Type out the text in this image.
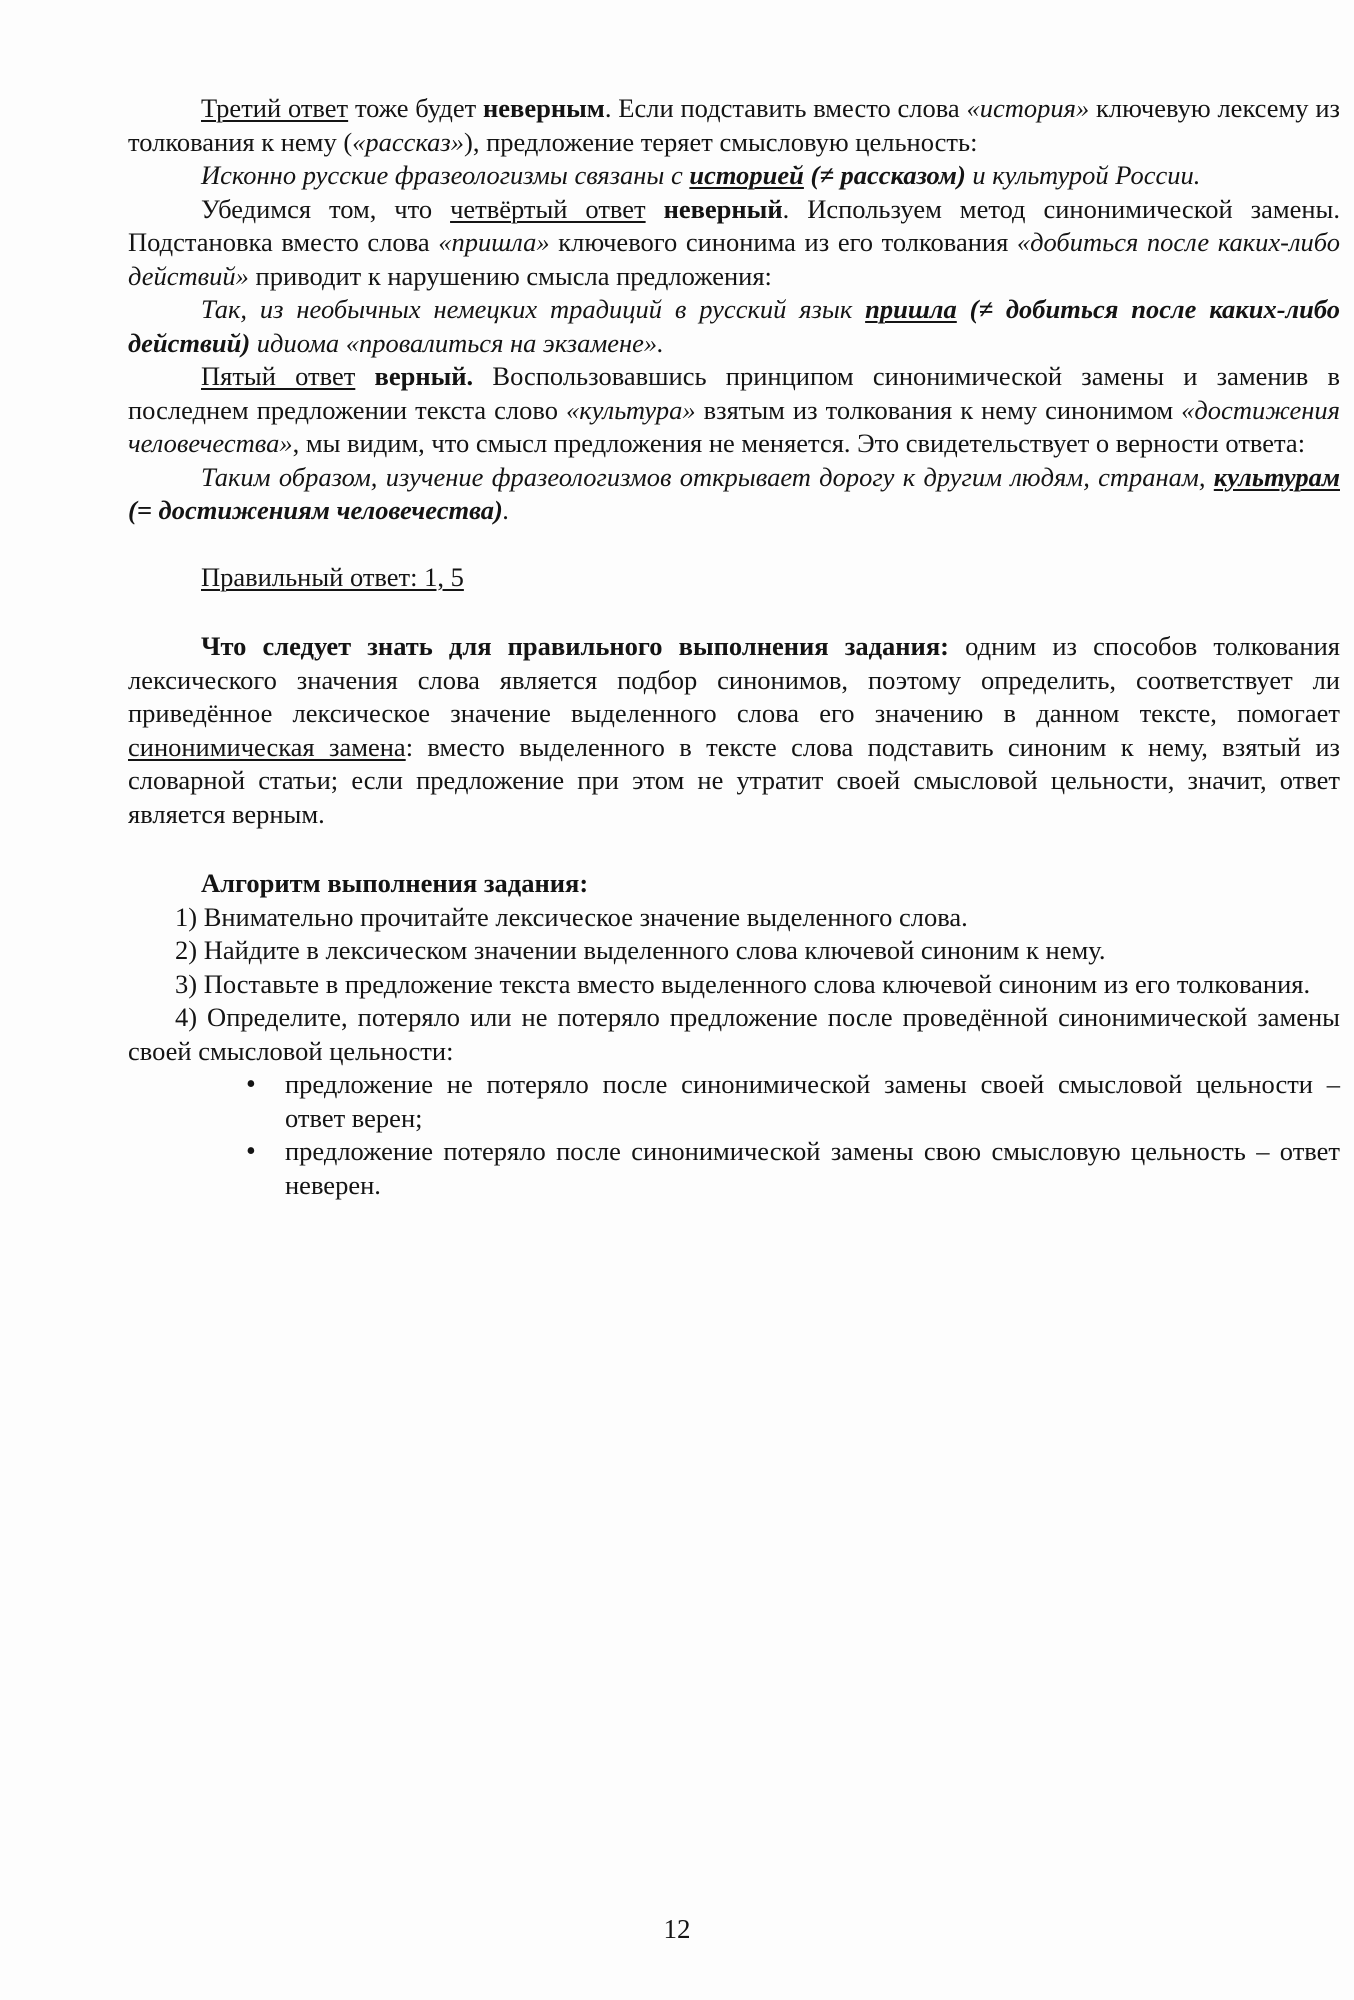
Третий ответ тоже будет неверным. Если подставить вместо слова «история» ключевую лексему из толкования к нему («рассказ»), предложение теряет смысловую цельность:

Исконно русские фразеологизмы связаны с историей (≠ рассказом) и культурой России.

Убедимся том, что четвёртый ответ неверный. Используем метод синонимической замены. Подстановка вместо слова «пришла» ключевого синонима из его толкования «добиться после каких-либо действий» приводит к нарушению смысла предложения:

Так, из необычных немецких традиций в русский язык пришла (≠ добиться после каких-либо действий) идиома «провалиться на экзамене».

Пятый ответ верный. Воспользовавшись принципом синонимической замены и заменив в последнем предложении текста слово «культура» взятым из толкования к нему синонимом «достижения человечества», мы видим, что смысл предложения не меняется. Это свидетельствует о верности ответа:

Таким образом, изучение фразеологизмов открывает дорогу к другим людям, странам, культурам (= достижениям человечества).

Правильный ответ: 1, 5

Что следует знать для правильного выполнения задания: одним из способов толкования лексического значения слова является подбор синонимов, поэтому определить, соответствует ли приведённое лексическое значение выделенного слова его значению в данном тексте, помогает синонимическая замена: вместо выделенного в тексте слова подставить синоним к нему, взятый из словарной статьи; если предложение при этом не утратит своей смысловой цельности, значит, ответ является верным.

Алгоритм выполнения задания:

1) Внимательно прочитайте лексическое значение выделенного слова.

2) Найдите в лексическом значении выделенного слова ключевой синоним к нему.

3) Поставьте в предложение текста вместо выделенного слова ключевой синоним из его толкования.

4) Определите, потеряло или не потеряло предложение после проведённой синонимической замены своей смысловой цельности:

• предложение не потеряло после синонимической замены своей смысловой цельности – ответ верен;
• предложение потеряло после синонимической замены свою смысловую цельность – ответ неверен.
12
